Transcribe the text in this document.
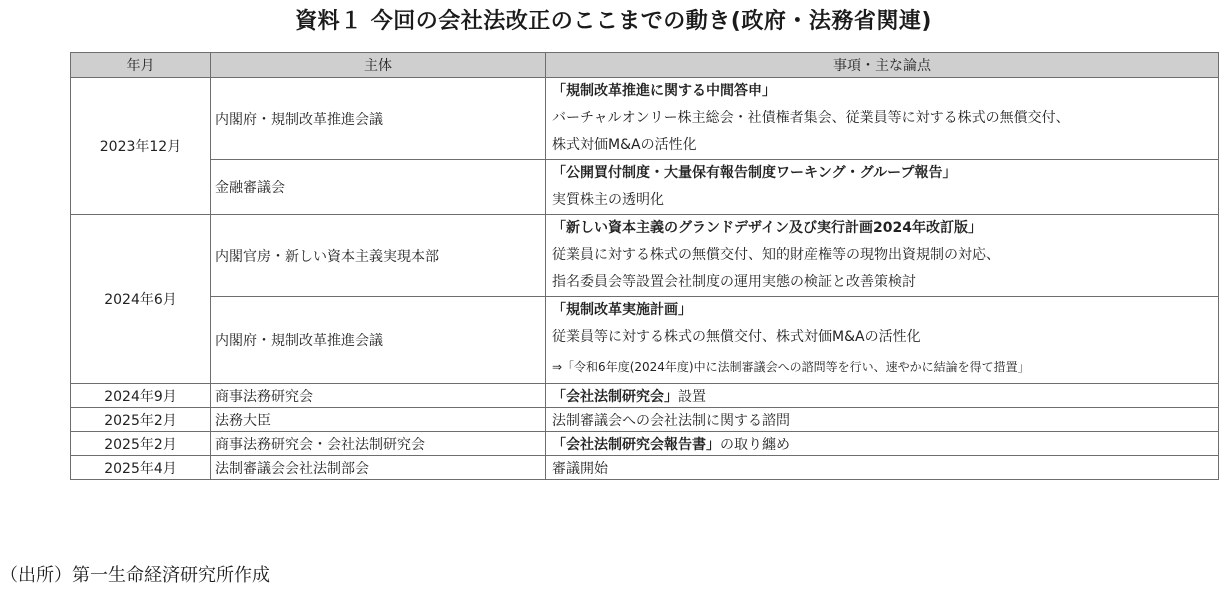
資料１ 今回の会社法改正のここまでの動き(政府・法務省関連)
年月	主体	事項・主な論点
2023年12月	内閣府・規制改革推進会議	「規制改革推進に関する中間答申」
バーチャルオンリー株主総会・社債権者集会、従業員等に対する株式の無償交付、
株式対価M&Aの活性化

	金融審議会	「公開買付制度・大量保有報告制度ワーキング・グループ報告」
実質株主の透明化

2024年6月	内閣官房・新しい資本主義実現本部	「新しい資本主義のグランドデザイン及び実行計画2024年改訂版」
従業員に対する株式の無償交付、知的財産権等の現物出資規制の対応、
指名委員会等設置会社制度の運用実態の検証と改善策検討

	内閣府・規制改革推進会議	「規制改革実施計画」
従業員等に対する株式の無償交付、株式対価M&Aの活性化
⇒「令和6年度(2024年度)中に法制審議会への諮問等を行い、速やかに結論を得て措置」

2024年9月	商事法務研究会	「会社法制研究会」設置
2025年2月	法務大臣	法制審議会への会社法制に関する諮問
2025年2月	商事法務研究会・会社法制研究会	「会社法制研究会報告書」の取り纏め
2025年4月	法制審議会会社法制部会	審議開始
（出所）第一生命経済研究所作成
